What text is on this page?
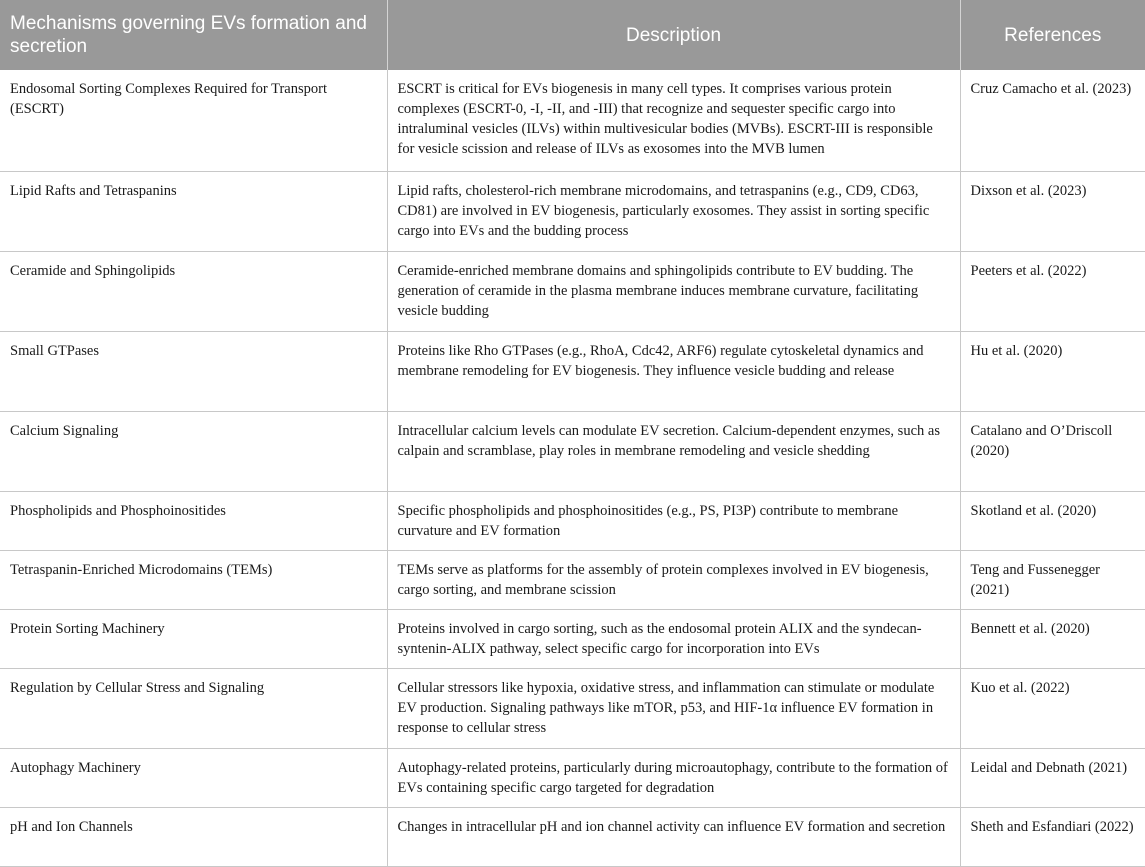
Mechanisms governing EVs formation and secretion	Description	References
Endosomal Sorting Complexes Required for Transport (ESCRT)	ESCRT is critical for EVs biogenesis in many cell types. It comprises various protein complexes (ESCRT-0, -I, -II, and -III) that recognize and sequester specific cargo into intraluminal vesicles (ILVs) within multivesicular bodies (MVBs). ESCRT-III is responsible for vesicle scission and release of ILVs as exosomes into the MVB lumen	Cruz Camacho et al. (2023)
Lipid Rafts and Tetraspanins	Lipid rafts, cholesterol-rich membrane microdomains, and tetraspanins (e.g., CD9, CD63, CD81) are involved in EV biogenesis, particularly exosomes. They assist in sorting specific cargo into EVs and the budding process	Dixson et al. (2023)
Ceramide and Sphingolipids	Ceramide-enriched membrane domains and sphingolipids contribute to EV budding. The generation of ceramide in the plasma membrane induces membrane curvature, facilitating vesicle budding	Peeters et al. (2022)
Small GTPases	Proteins like Rho GTPases (e.g., RhoA, Cdc42, ARF6) regulate cytoskeletal dynamics and membrane remodeling for EV biogenesis. They influence vesicle budding and release	Hu et al. (2020)
Calcium Signaling	Intracellular calcium levels can modulate EV secretion. Calcium-dependent enzymes, such as calpain and scramblase, play roles in membrane remodeling and vesicle shedding	Catalano and O’Driscoll (2020)
Phospholipids and Phosphoinositides	Specific phospholipids and phosphoinositides (e.g., PS, PI3P) contribute to membrane curvature and EV formation	Skotland et al. (2020)
Tetraspanin-Enriched Microdomains (TEMs)	TEMs serve as platforms for the assembly of protein complexes involved in EV biogenesis, cargo sorting, and membrane scission	Teng and Fussenegger (2021)
Protein Sorting Machinery	Proteins involved in cargo sorting, such as the endosomal protein ALIX and the syndecan-syntenin-ALIX pathway, select specific cargo for incorporation into EVs	Bennett et al. (2020)
Regulation by Cellular Stress and Signaling	Cellular stressors like hypoxia, oxidative stress, and inflammation can stimulate or modulate EV production. Signaling pathways like mTOR, p53, and HIF-1α influence EV formation in response to cellular stress	Kuo et al. (2022)
Autophagy Machinery	Autophagy-related proteins, particularly during microautophagy, contribute to the formation of EVs containing specific cargo targeted for degradation	Leidal and Debnath (2021)
pH and Ion Channels	Changes in intracellular pH and ion channel activity can influence EV formation and secretion	Sheth and Esfandiari (2022)
